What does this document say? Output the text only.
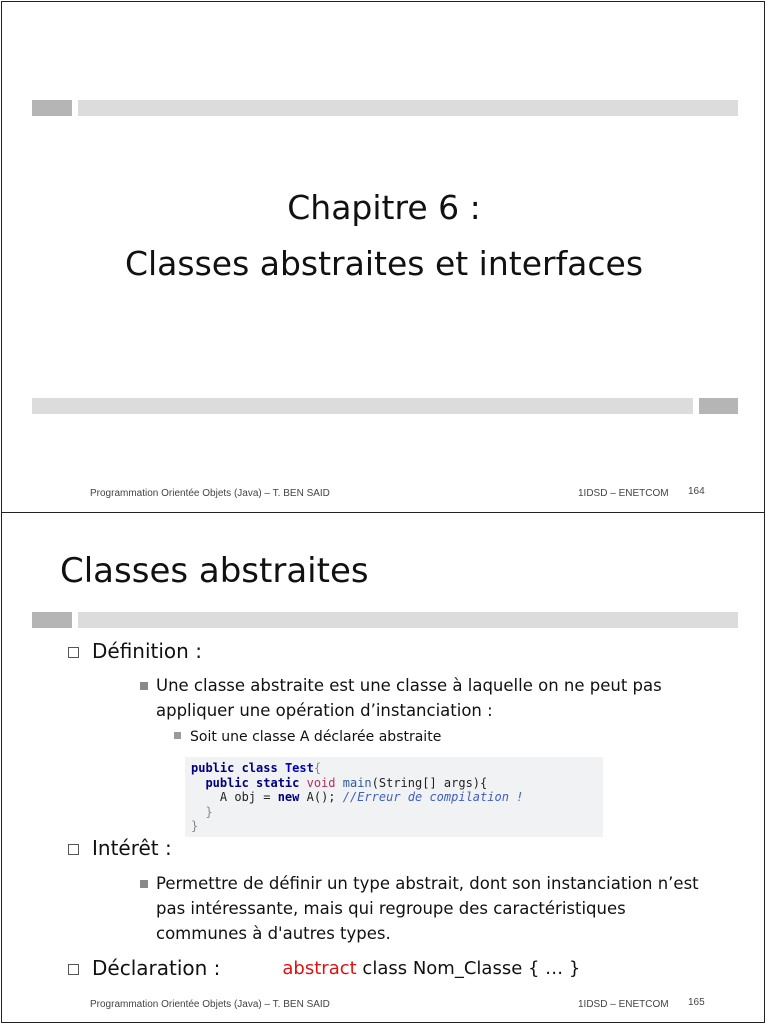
Chapitre 6 :
Classes abstraites et interfaces
Programmation Orientée Objets (Java) – T. BEN SAID	1IDSD – ENETCOM 164
Classes abstraites
Définition :
Une classe abstraite est une classe à laquelle on ne peut pas appliquer une opération d’instanciation :
Soit une classe A déclarée abstraite
public class Test{
public static void main(String[] args){
A obj = new A(); //Erreur de compilation !
}
}
Intérêt :
Permettre de définir un type abstrait, dont son instanciation n’est pas intéressante, mais qui regroupe des caractéristiques communes à d'autres types.
Déclaration :	abstract class Nom_Classe { … }
Programmation Orientée Objets (Java) – T. BEN SAID	1IDSD – ENETCOM 165
